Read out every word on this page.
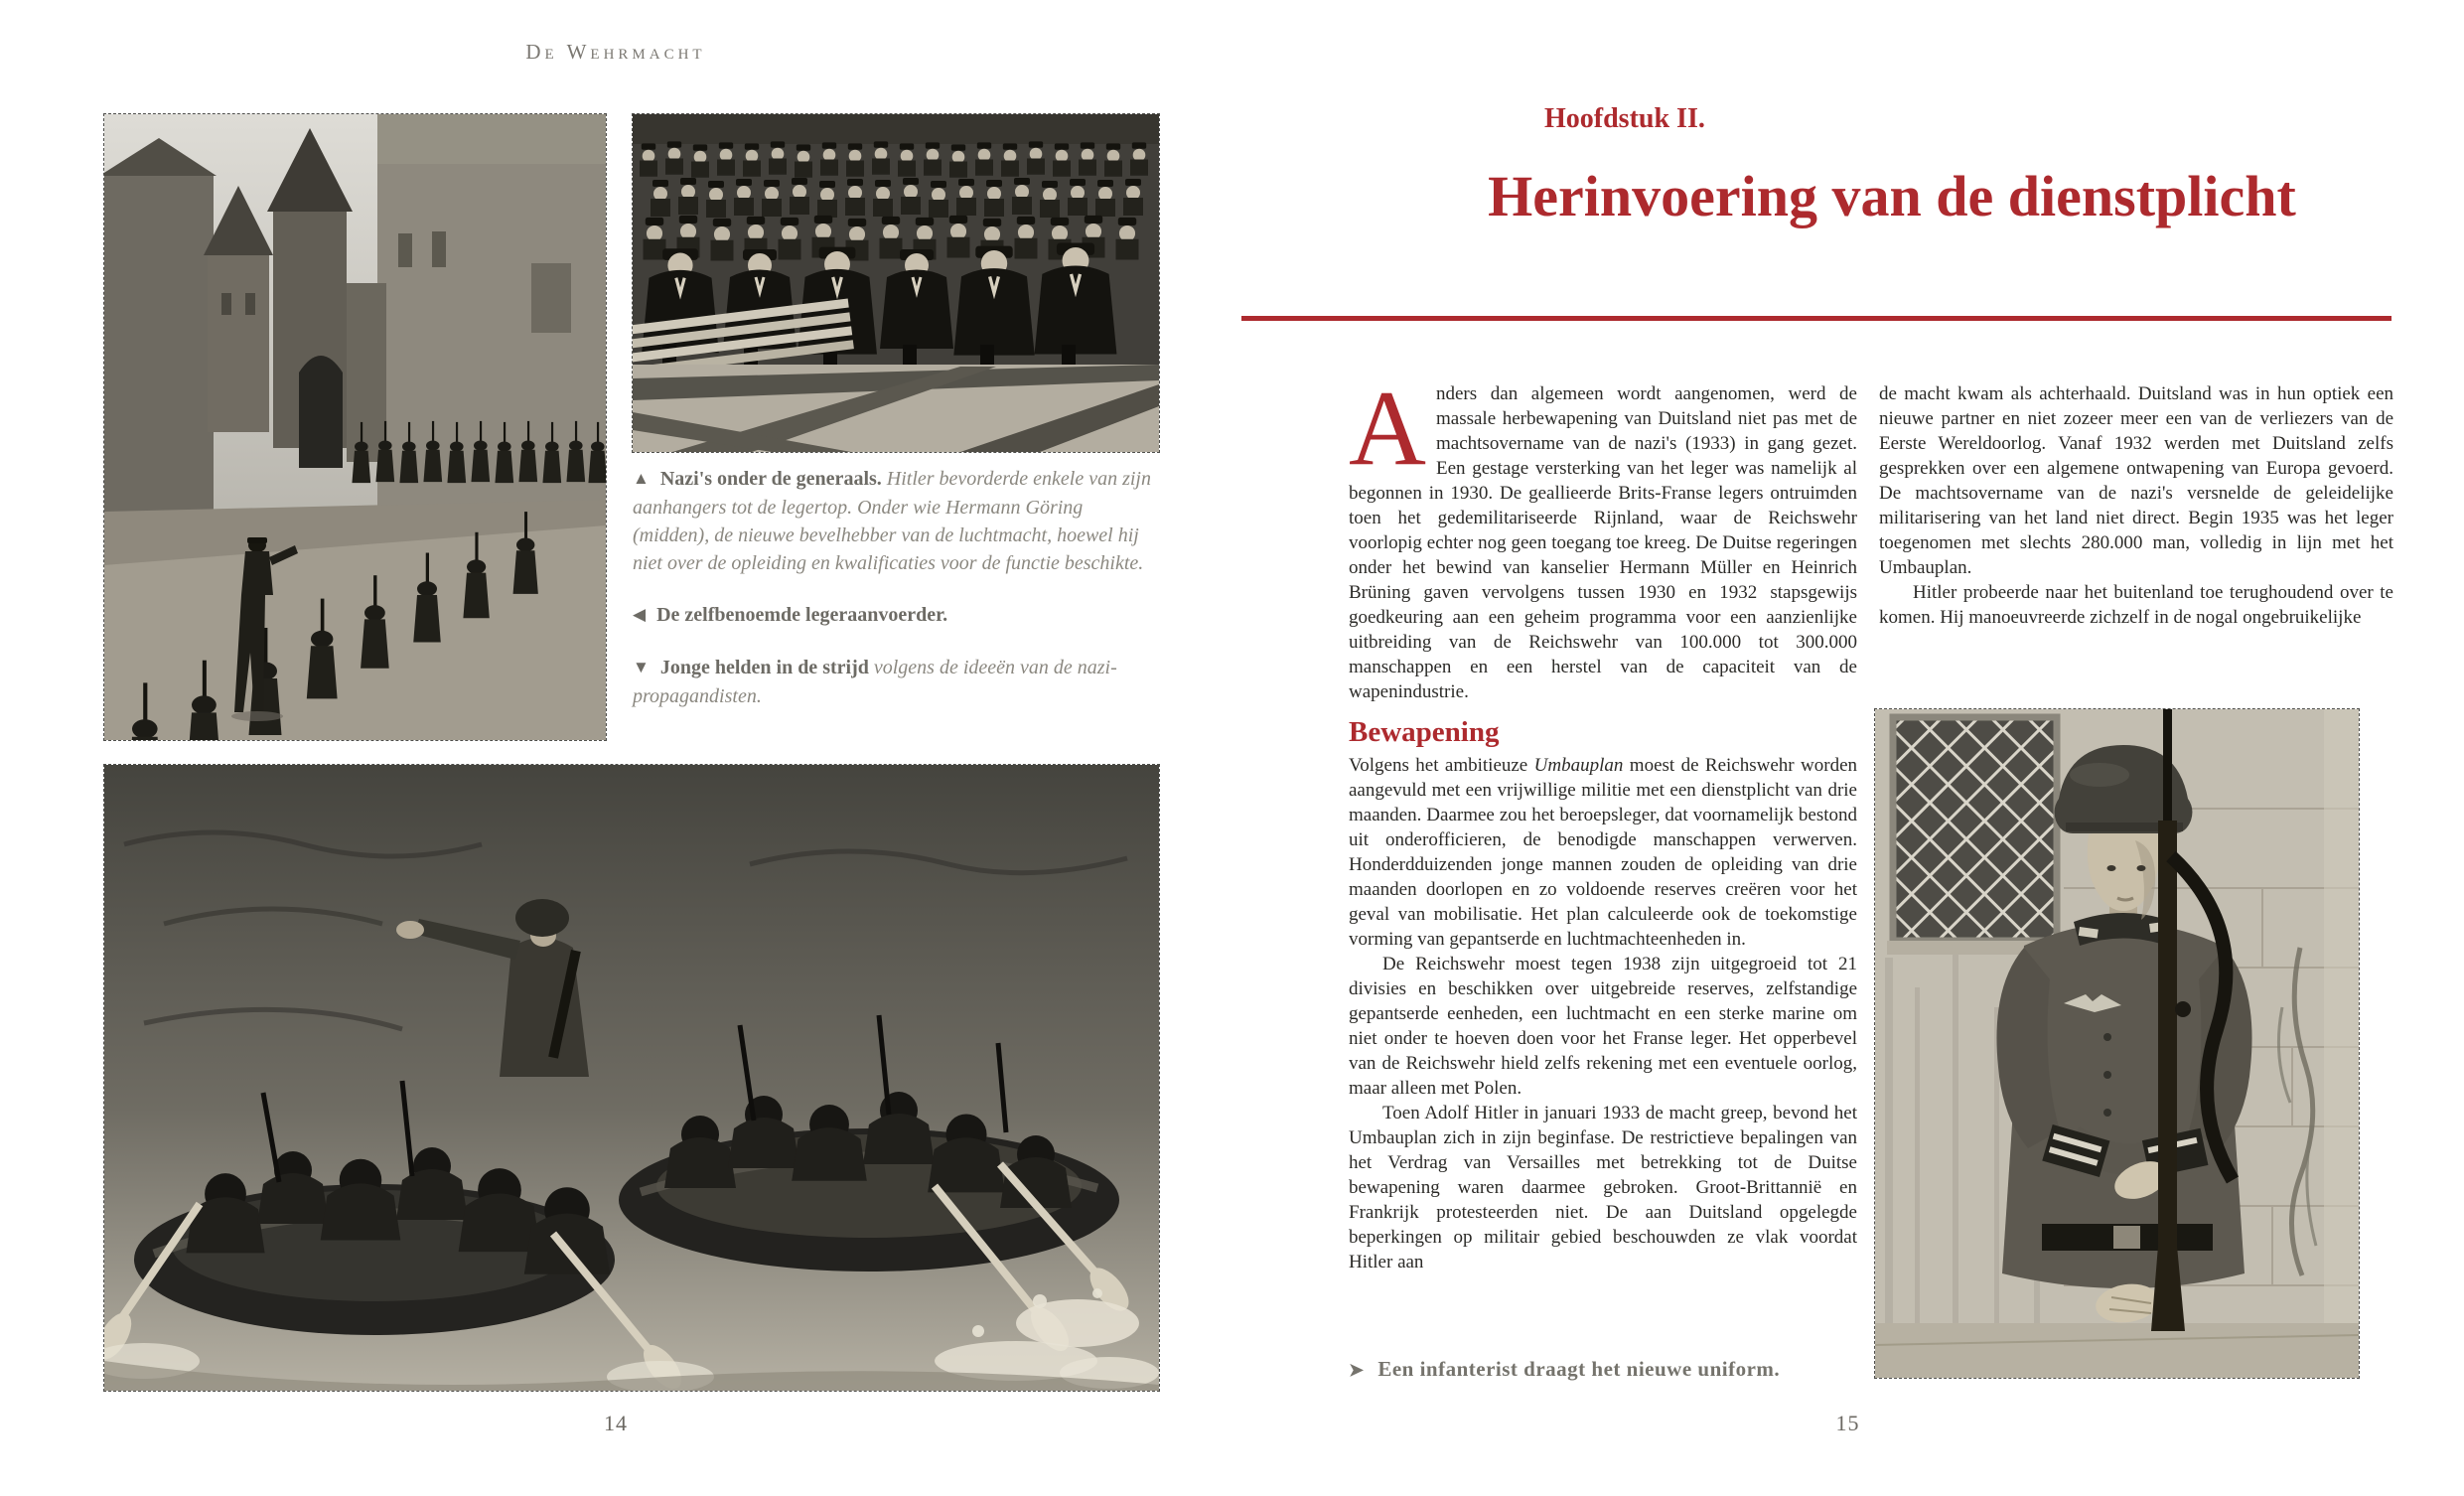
De Wehrmacht

▲ Nazi's onder de generaals. Hitler bevorderde enkele van zijn aanhangers tot de legertop. Onder wie Hermann Göring (midden), de nieuwe bevelhebber van de luchtmacht, hoewel hij niet over de opleiding en kwalificaties voor de functie beschikte.

◀ De zelfbenoemde legeraanvoerder.

▼ Jonge helden in de strijd volgens de ideeën van de nazi-propagandisten.

14
Hoofdstuk II.
Herinvoering van de dienstplicht

Anders dan algemeen wordt aangenomen, werd de massale herbewapening van Duitsland niet pas met de machtsovername van de nazi's (1933) in gang gezet. Een gestage versterking van het leger was namelijk al begonnen in 1930. De geallieerde Brits-Franse legers ontruimden toen het gedemilitariseerde Rijnland, waar de Reichswehr voorlopig echter nog geen toegang toe kreeg. De Duitse regeringen onder het bewind van kanselier Hermann Müller en Heinrich Brüning gaven vervolgens tussen 1930 en 1932 stapsgewijs goedkeuring aan een geheim programma voor een aanzienlijke uitbreiding van de Reichswehr van 100.000 tot 300.000 manschappen en een herstel van de capaciteit van de wapenindustrie.

Bewapening

Volgens het ambitieuze Umbauplan moest de Reichswehr worden aangevuld met een vrijwillige militie met een dienstplicht van drie maanden. Daarmee zou het beroepsleger, dat voornamelijk bestond uit onderofficieren, de benodigde manschappen verwerven. Honderdduizenden jonge mannen zouden de opleiding van drie maanden doorlopen en zo voldoende reserves creëren voor het geval van mobilisatie. Het plan calculeerde ook de toekomstige vorming van gepantserde en luchtmachteenheden in.

De Reichswehr moest tegen 1938 zijn uitgegroeid tot 21 divisies en beschikken over uitgebreide reserves, zelfstandige gepantserde eenheden, een luchtmacht en een sterke marine om niet onder te hoeven doen voor het Franse leger. Het opperbevel van de Reichswehr hield zelfs rekening met een eventuele oorlog, maar alleen met Polen.

Toen Adolf Hitler in januari 1933 de macht greep, bevond het Umbauplan zich in zijn beginfase. De restrictieve bepalingen van het Verdrag van Versailles met betrekking tot de Duitse bewapening waren daarmee gebroken. Groot-Brittannië en Frankrijk protesteerden niet. De aan Duitsland opgelegde beperkingen op militair gebied beschouwden ze vlak voordat Hitler aan

de macht kwam als achterhaald. Duitsland was in hun optiek een nieuwe partner en niet zozeer meer een van de verliezers van de Eerste Wereldoorlog. Vanaf 1932 werden met Duitsland zelfs gesprekken over een algemene ontwapening van Europa gevoerd. De machtsovername van de nazi's versnelde de geleidelijke militarisering van het land niet direct. Begin 1935 was het leger toegenomen met slechts 280.000 man, volledig in lijn met het Umbauplan.

Hitler probeerde naar het buitenland toe terughoudend over te komen. Hij manoeuvreerde zichzelf in de nogal ongebruikelijke

➤ Een infanterist draagt het nieuwe uniform.

15
